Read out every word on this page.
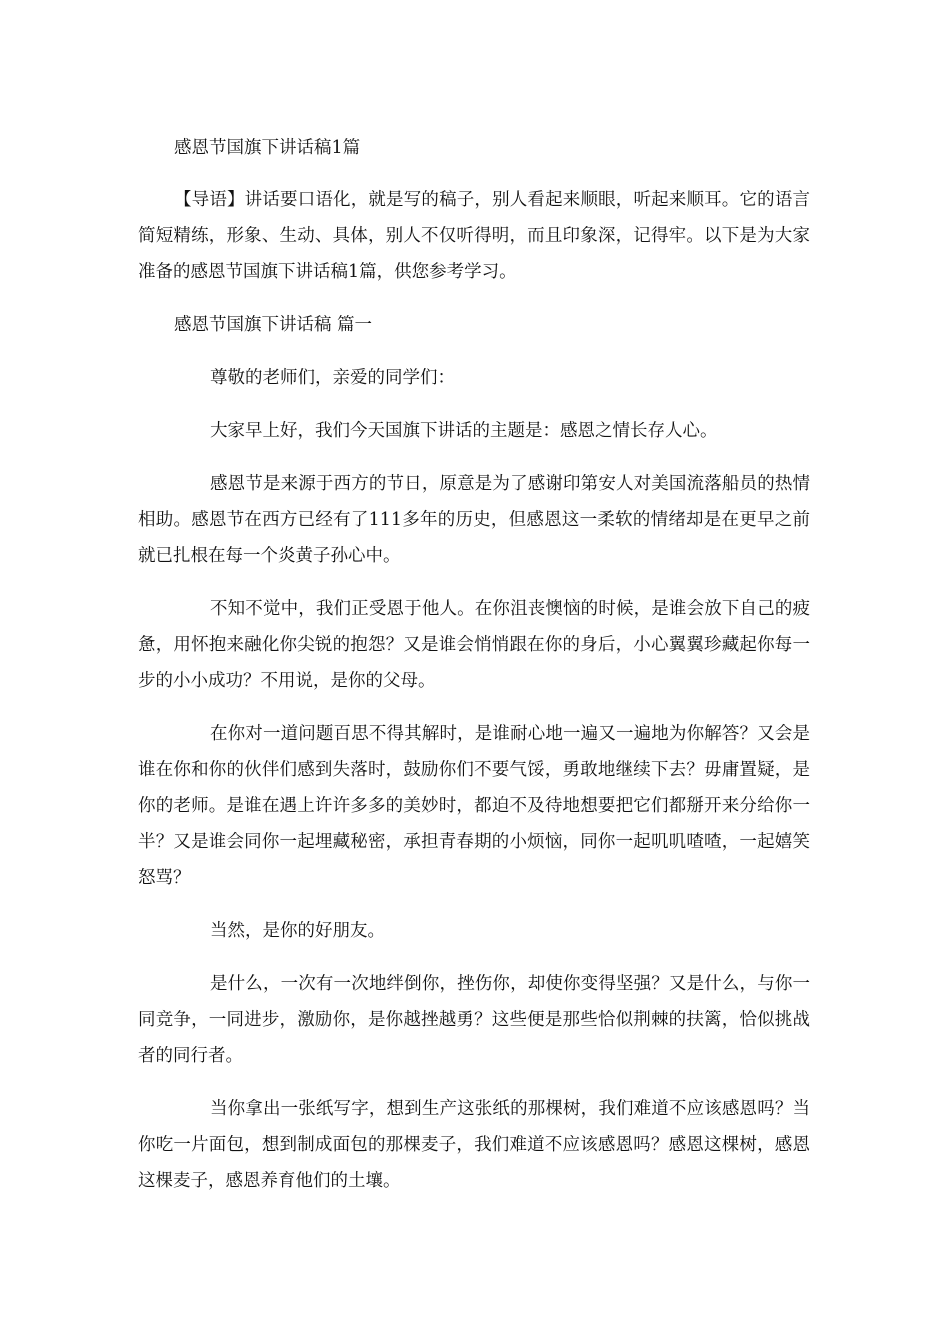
感恩节国旗下讲话稿1篇

【导语】讲话要口语化，就是写的稿子，别人看起来顺眼，听起来顺耳。它的语言简短精练，形象、生动、具体，别人不仅听得明，而且印象深，记得牢。以下是为大家准备的感恩节国旗下讲话稿1篇，供您参考学习。

感恩节国旗下讲话稿 篇一

尊敬的老师们，亲爱的同学们：

大家早上好，我们今天国旗下讲话的主题是：感恩之情长存人心。

感恩节是来源于西方的节日，原意是为了感谢印第安人对美国流落船员的热情相助。感恩节在西方已经有了111多年的历史，但感恩这一柔软的情绪却是在更早之前就已扎根在每一个炎黄子孙心中。

不知不觉中，我们正受恩于他人。在你沮丧懊恼的时候，是谁会放下自己的疲惫，用怀抱来融化你尖锐的抱怨？又是谁会悄悄跟在你的身后，小心翼翼珍藏起你每一步的小小成功？不用说，是你的父母。

在你对一道问题百思不得其解时，是谁耐心地一遍又一遍地为你解答？又会是谁在你和你的伙伴们感到失落时，鼓励你们不要气馁，勇敢地继续下去？毋庸置疑，是你的老师。是谁在遇上许许多多的美妙时，都迫不及待地想要把它们都掰开来分给你一半？又是谁会同你一起埋藏秘密，承担青春期的小烦恼，同你一起叽叽喳喳，一起嬉笑怒骂？

当然，是你的好朋友。

是什么，一次有一次地绊倒你，挫伤你，却使你变得坚强？又是什么，与你一同竞争，一同进步，激励你，是你越挫越勇？这些便是那些恰似荆棘的扶篱，恰似挑战者的同行者。

当你拿出一张纸写字，想到生产这张纸的那棵树，我们难道不应该感恩吗？当你吃一片面包，想到制成面包的那棵麦子，我们难道不应该感恩吗？感恩这棵树，感恩这棵麦子，感恩养育他们的土壤。
